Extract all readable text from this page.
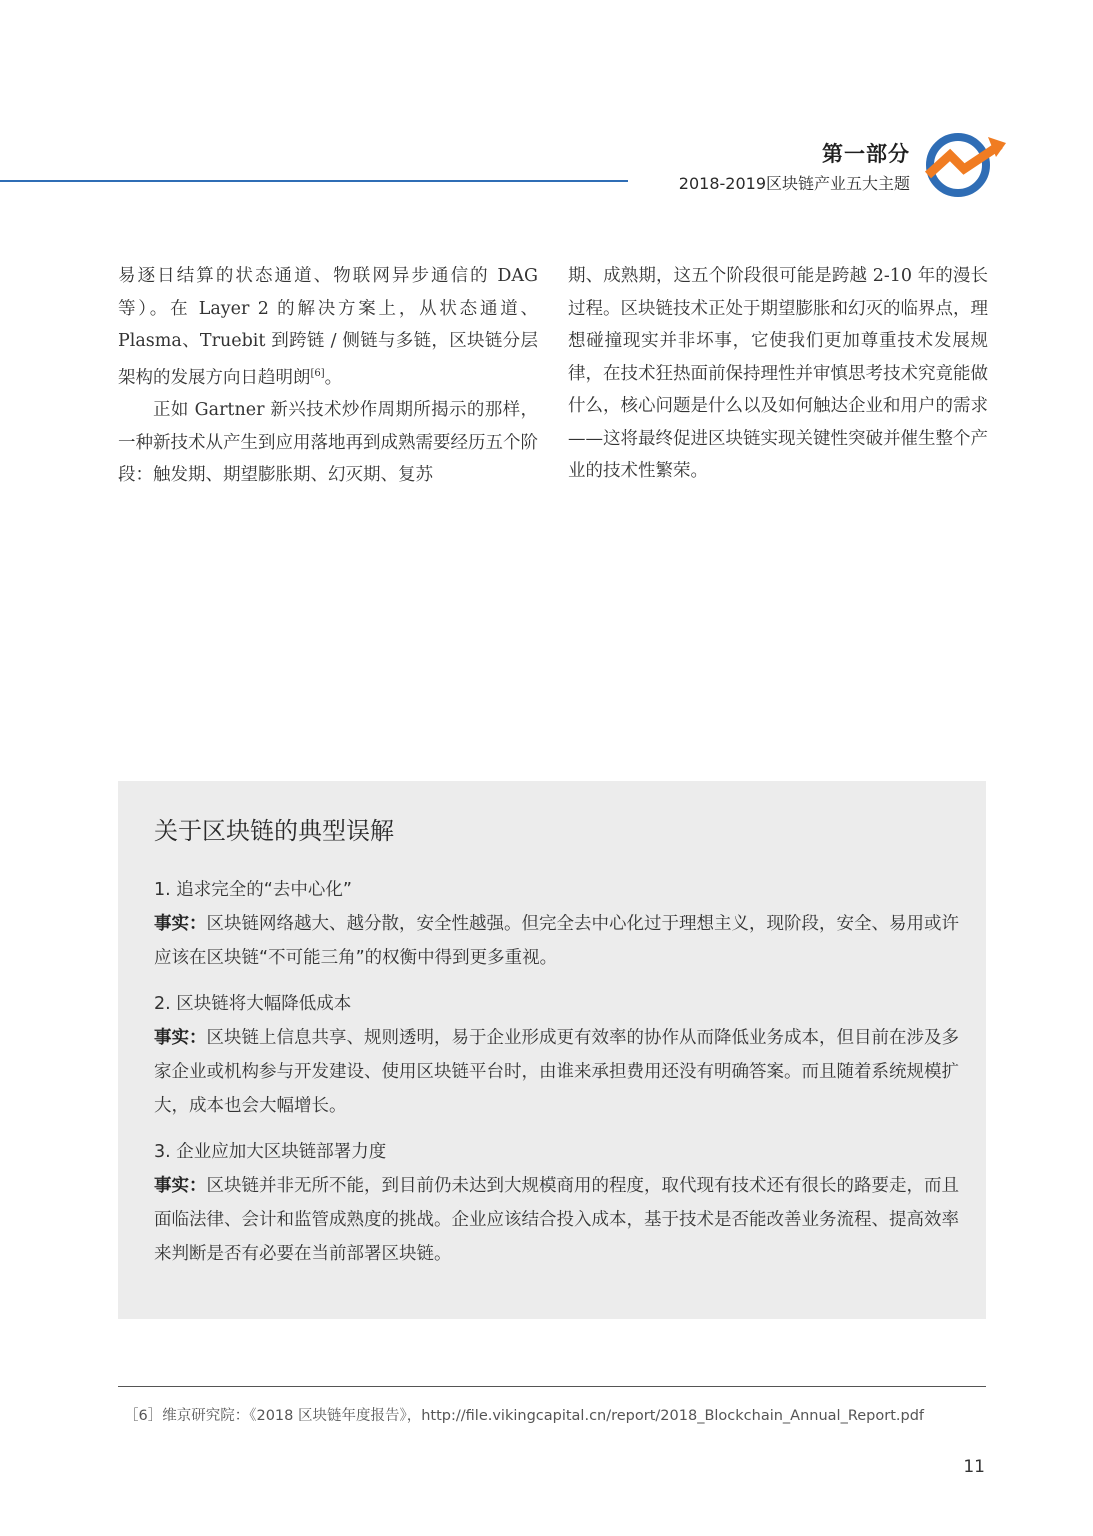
第一部分
2018-2019区块链产业五大主题

易逐日结算的状态通道、物联网异步通信的 DAG 等）。在 Layer 2 的解决方案上，从状态通道、Plasma、Truebit 到跨链 / 侧链与多链，区块链分层架构的发展方向日趋明朗[6]。

正如 Gartner 新兴技术炒作周期所揭示的那样，一种新技术从产生到应用落地再到成熟需要经历五个阶段：触发期、期望膨胀期、幻灭期、复苏

期、成熟期，这五个阶段很可能是跨越 2-10 年的漫长过程。区块链技术正处于期望膨胀和幻灭的临界点，理想碰撞现实并非坏事，它使我们更加尊重技术发展规律，在技术狂热面前保持理性并审慎思考技术究竟能做什么，核心问题是什么以及如何触达企业和用户的需求——这将最终促进区块链实现关键性突破并催生整个产业的技术性繁荣。

关于区块链的典型误解

1. 追求完全的“去中心化”

事实：区块链网络越大、越分散，安全性越强。但完全去中心化过于理想主义，现阶段，安全、易用或许应该在区块链“不可能三角”的权衡中得到更多重视。

2. 区块链将大幅降低成本

事实：区块链上信息共享、规则透明，易于企业形成更有效率的协作从而降低业务成本，但目前在涉及多家企业或机构参与开发建设、使用区块链平台时，由谁来承担费用还没有明确答案。而且随着系统规模扩大，成本也会大幅增长。

3. 企业应加大区块链部署力度

事实：区块链并非无所不能，到目前仍未达到大规模商用的程度，取代现有技术还有很长的路要走，而且面临法律、会计和监管成熟度的挑战。企业应该结合投入成本，基于技术是否能改善业务流程、提高效率来判断是否有必要在当前部署区块链。

［6］维京研究院：《2018 区块链年度报告》，http://file.vikingcapital.cn/report/2018_Blockchain_Annual_Report.pdf
11
